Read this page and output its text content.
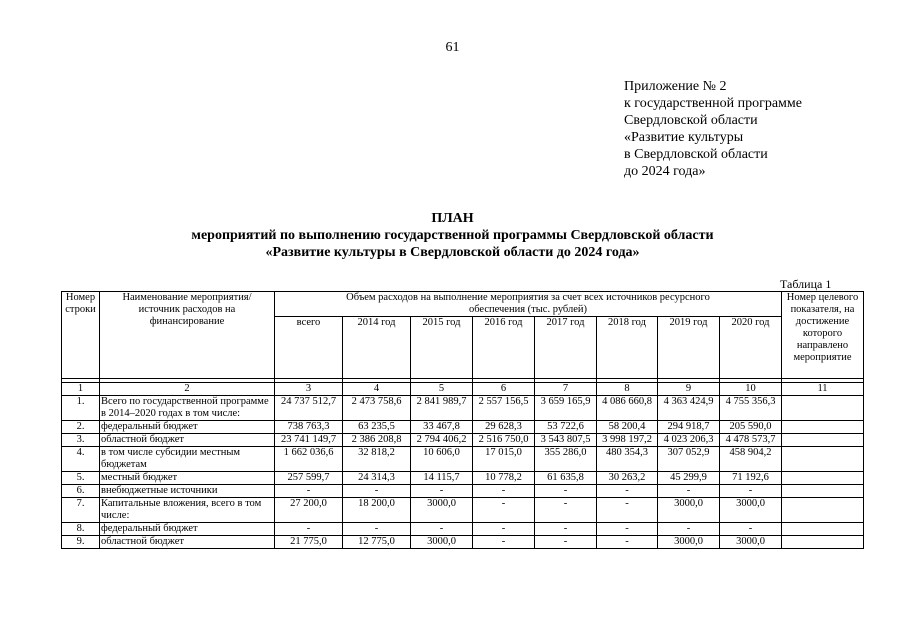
61
Приложение № 2
к государственной программе
Свердловской области
«Развитие культуры
в Свердловской области
до 2024 года»
ПЛАН
мероприятий по выполнению государственной программы Свердловской области
«Развитие культуры в Свердловской области до 2024 года»
Таблица 1
Номер строки	Наименование мероприятия/ источник расходов на финансирование	Объем расходов на выполнение мероприятия за счет всех источников ресурсного обеспечения (тыс. рублей)								Номер целевого показателя, на достижение которого направлено мероприятие
		всего	2014 год	2015 год	2016 год	2017 год	2018 год	2019 год	2020 год	

1	2	3	4	5	6	7	8	9	10	11
1.	Всего по государственной программе в 2014–2020 годах в том числе:	24 737 512,7	2 473 758,6	2 841 989,7	2 557 156,5	3 659 165,9	4 086 660,8	4 363 424,9	4 755 356,3	
2.	федеральный бюджет	738 763,3	63 235,5	33 467,8	29 628,3	53 722,6	58 200,4	294 918,7	205 590,0	
3.	областной бюджет	23 741 149,7	2 386 208,8	2 794 406,2	2 516 750,0	3 543 807,5	3 998 197,2	4 023 206,3	4 478 573,7	
4.	в том числе субсидии местным бюджетам	1 662 036,6	32 818,2	10 606,0	17 015,0	355 286,0	480 354,3	307 052,9	458 904,2	
5.	местный бюджет	257 599,7	24 314,3	14 115,7	10 778,2	61 635,8	30 263,2	45 299,9	71 192,6	
6.	внебюджетные источники	-	-	-	-	-	-	-	-	
7.	Капитальные вложения, всего в том числе:	27 200,0	18 200,0	3000,0	-	-	-	3000,0	3000,0	
8.	федеральный бюджет	-	-	-	-	-	-	-	-	
9.	областной бюджет	21 775,0	12 775,0	3000,0	-	-	-	3000,0	3000,0	
